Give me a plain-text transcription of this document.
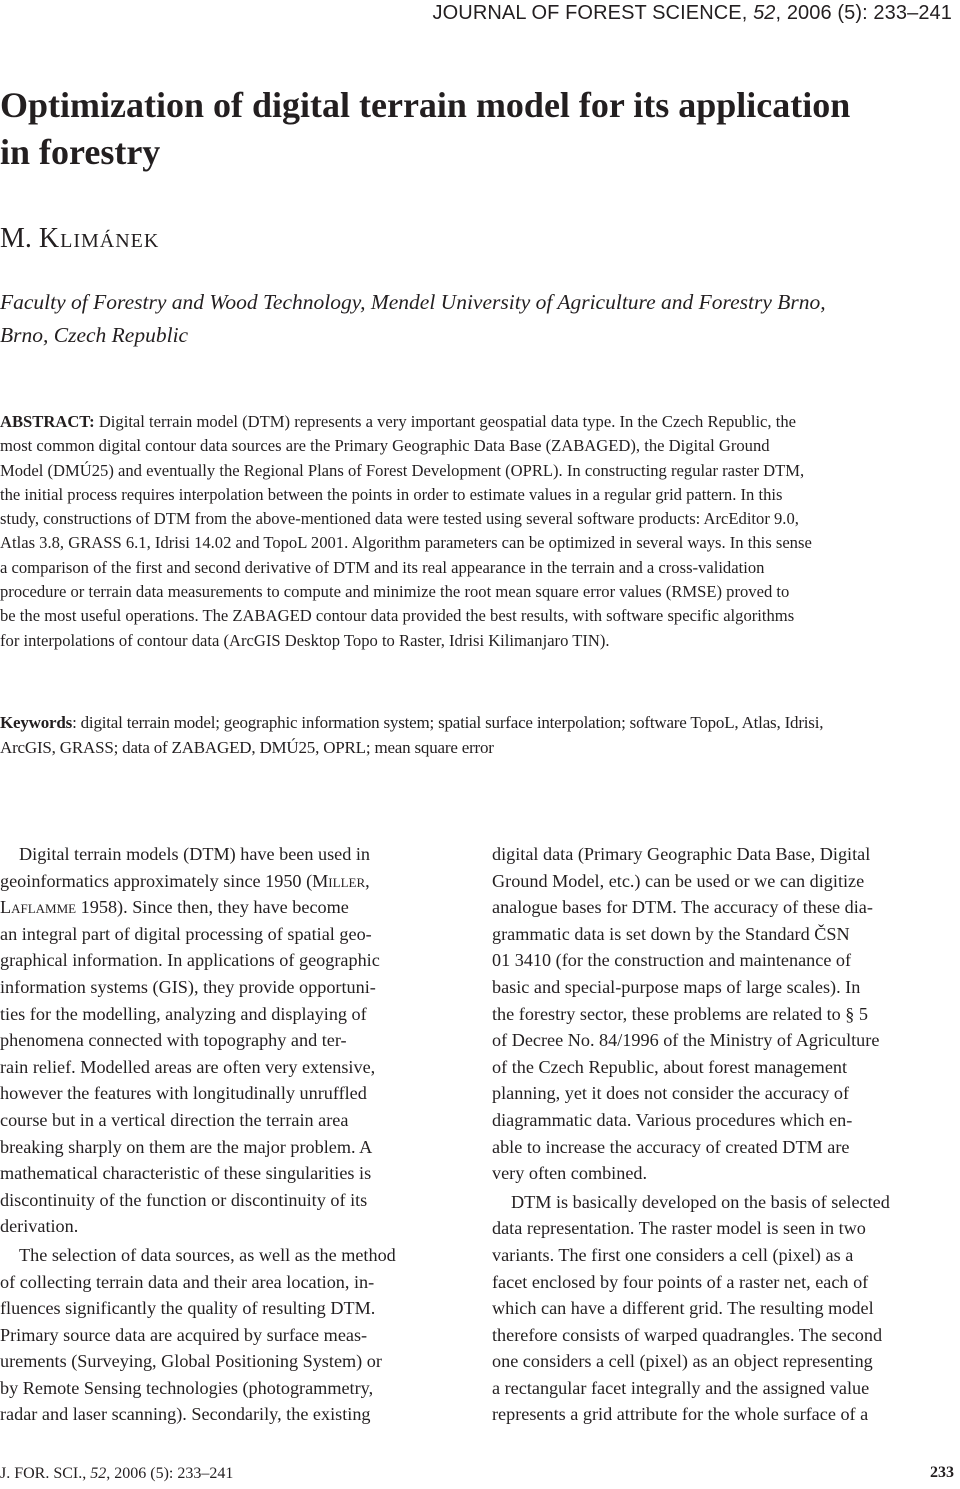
JOURNAL OF FOREST SCIENCE, 52, 2006 (5): 233–241
Optimization of digital terrain model for its application
in forestry
M. Klimánek

Faculty of Forestry and Wood Technology, Mendel University of Agriculture and Forestry Brno,
Brno, Czech Republic

ABSTRACT: Digital terrain model (DTM) represents a very important geospatial data type. In the Czech Republic, the
most common digital contour data sources are the Primary Geographic Data Base (ZABAGED), the Digital Ground
Model (DMÚ25) and eventually the Regional Plans of Forest Development (OPRL). In constructing regular raster DTM,
the initial process requires interpolation between the points in order to estimate values in a regular grid pattern. In this
study, constructions of DTM from the above-mentioned data were tested using several software products: ArcEditor 9.0,
Atlas 3.8, GRASS 6.1, Idrisi 14.02 and TopoL 2001. Algorithm parameters can be optimized in several ways. In this sense
a comparison of the first and second derivative of DTM and its real appearance in the terrain and a cross-validation
procedure or terrain data measurements to compute and minimize the root mean square error values (RMSE) proved to
be the most useful operations. The ZABAGED contour data provided the best results, with software specific algorithms
for interpolations of contour data (ArcGIS Desktop Topo to Raster, Idrisi Kilimanjaro TIN).

Keywords: digital terrain model; geographic information system; spatial surface interpolation; software TopoL, Atlas, Idrisi,
ArcGIS, GRASS; data of ZABAGED, DMÚ25, OPRL; mean square error

Digital terrain models (DTM) have been used in
geoinformatics approximately since 1950 (Miller,
Laflamme 1958). Since then, they have become
an integral part of digital processing of spatial geo-
graphical information. In applications of geographic
information systems (GIS), they provide opportuni-
ties for the modelling, analyzing and displaying of
phenomena connected with topography and ter-
rain relief. Modelled areas are often very extensive,
however the features with longitudinally unruffled
course but in a vertical direction the terrain area
breaking sharply on them are the major problem. A
mathematical characteristic of these singularities is
discontinuity of the function or discontinuity of its
derivation.
The selection of data sources, as well as the method
of collecting terrain data and their area location, in-
fluences significantly the quality of resulting DTM.
Primary source data are acquired by surface meas-
urements (Surveying, Global Positioning System) or
by Remote Sensing technologies (photogrammetry,
radar and laser scanning). Secondarily, the existing
digital data (Primary Geographic Data Base, Digital
Ground Model, etc.) can be used or we can digitize
analogue bases for DTM. The accuracy of these dia-
grammatic data is set down by the Standard ČSN
01 3410 (for the construction and maintenance of
basic and special-purpose maps of large scales). In
the forestry sector, these problems are related to § 5
of Decree No. 84/1996 of the Ministry of Agriculture
of the Czech Republic, about forest management
planning, yet it does not consider the accuracy of
diagrammatic data. Various procedures which en-
able to increase the accuracy of created DTM are
very often combined.
DTM is basically developed on the basis of selected
data representation. The raster model is seen in two
variants. The first one considers a cell (pixel) as a
facet enclosed by four points of a raster net, each of
which can have a different grid. The resulting model
therefore consists of warped quadrangles. The second
one considers a cell (pixel) as an object representing
a rectangular facet integrally and the assigned value
represents a grid attribute for the whole surface of a
J. FOR. SCI., 52, 2006 (5): 233–241	233
